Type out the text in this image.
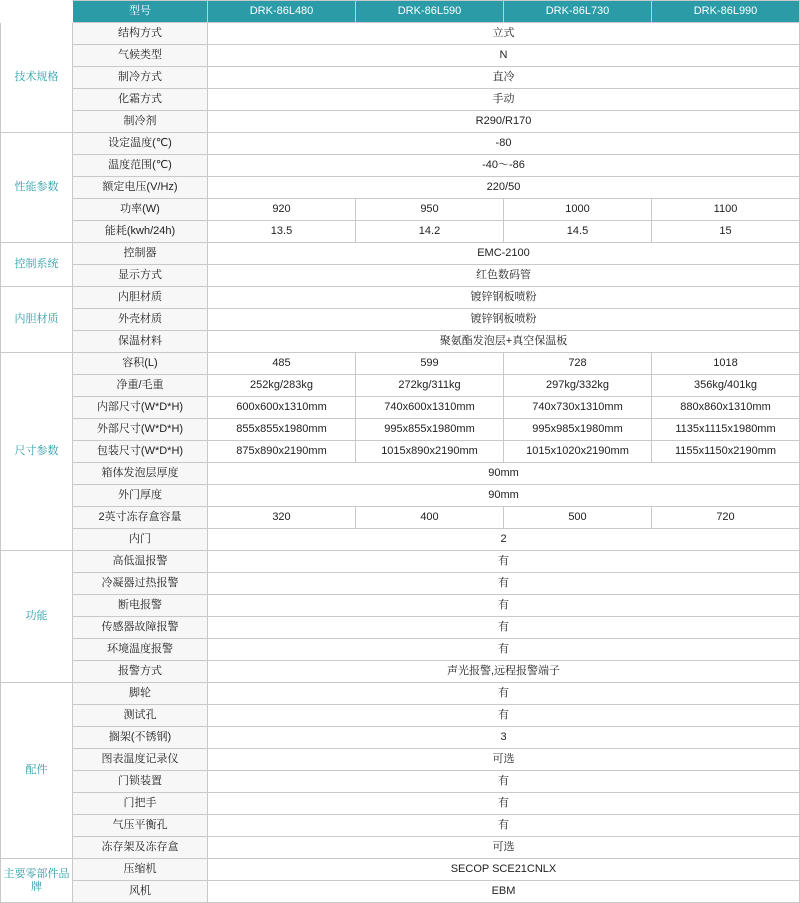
	型号	DRK-86L480	DRK-86L590	DRK-86L730	DRK-86L990
技术规格	结构方式	立式			
	气候类型	N			
	制冷方式	直冷			
	化霜方式	手动			
	制冷剂	R290/R170			
性能参数	设定温度(℃)	-80			
	温度范围(℃)	-40〜-86			
	额定电压(V/Hz)	220/50			
	功率(W)	920	950	1000	1100
	能耗(kwh/24h)	13.5	14.2	14.5	15
控制系统	控制器	EMC-2100			
	显示方式	红色数码管			
内胆材质	内胆材质	镀锌钢板喷粉			
	外壳材质	镀锌钢板喷粉			
	保温材料	聚氨酯发泡层+真空保温板			
尺寸参数	容积(L)	485	599	728	1018
	净重/毛重	252kg/283kg	272kg/311kg	297kg/332kg	356kg/401kg
	内部尺寸(W*D*H)	600x600x1310mm	740x600x1310mm	740x730x1310mm	880x860x1310mm
	外部尺寸(W*D*H)	855x855x1980mm	995x855x1980mm	995x985x1980mm	1135x1115x1980mm
	包装尺寸(W*D*H)	875x890x2190mm	1015x890x2190mm	1015x1020x2190mm	1155x1150x2190mm
	箱体发泡层厚度	90mm			
	外门厚度	90mm			
	2英寸冻存盒容量	320	400	500	720
	内门	2			
功能	高低温报警	有			
	冷凝器过热报警	有			
	断电报警	有			
	传感器故障报警	有			
	环境温度报警	有			
	报警方式	声光报警,远程报警端子			
配件	脚轮	有			
	测试孔	有			
	搁架(不锈钢)	3			
	图表温度记录仪	可选			
	门锁装置	有			
	门把手	有			
	气压平衡孔	有			
	冻存架及冻存盒	可选			
主要零部件品牌	压缩机	SECOP SCE21CNLX			
	风机	EBM			
